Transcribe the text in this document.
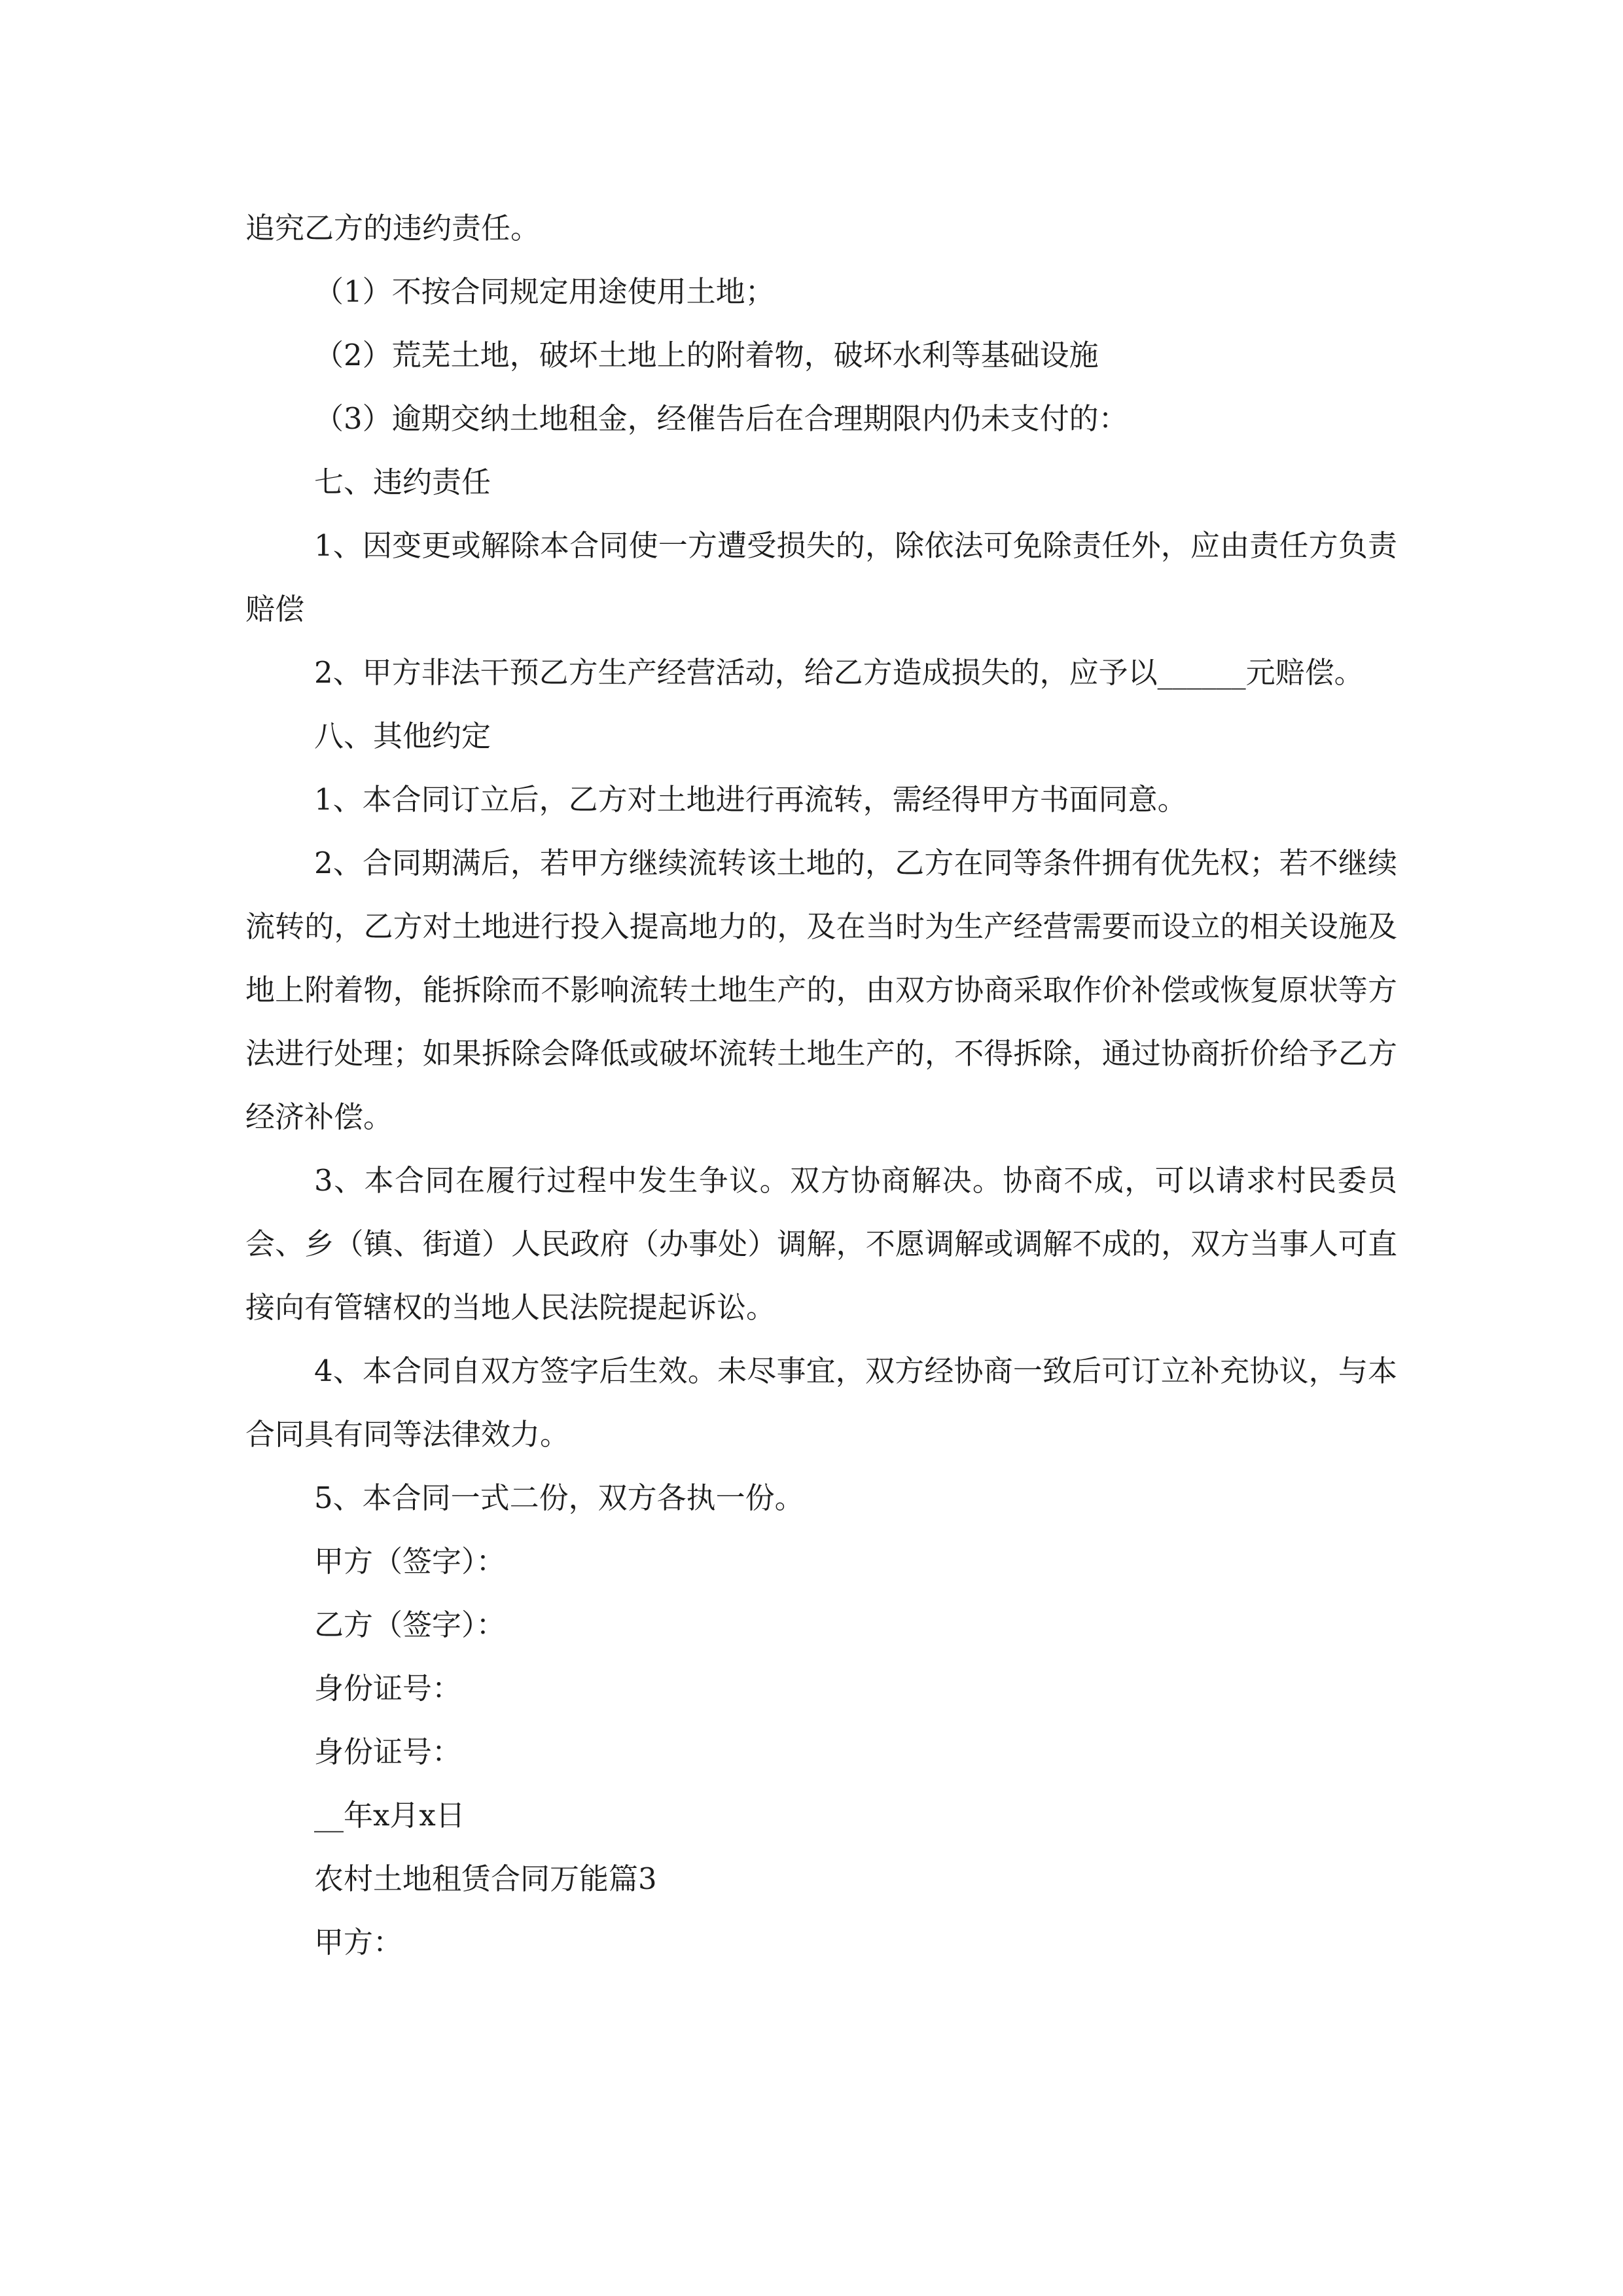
追究乙方的违约责任。

（1）不按合同规定用途使用土地；

（2）荒芜土地，破坏土地上的附着物，破坏水利等基础设施

（3）逾期交纳土地租金，经催告后在合理期限内仍未支付的：

七、违约责任

1、因变更或解除本合同使一方遭受损失的，除依法可免除责任外，应由责任方负责赔偿

2、甲方非法干预乙方生产经营活动，给乙方造成损失的，应予以______元赔偿。

八、其他约定

1、本合同订立后，乙方对土地进行再流转，需经得甲方书面同意。

2、合同期满后，若甲方继续流转该土地的，乙方在同等条件拥有优先权；若不继续流转的，乙方对土地进行投入提高地力的，及在当时为生产经营需要而设立的相关设施及地上附着物，能拆除而不影响流转土地生产的，由双方协商采取作价补偿或恢复原状等方法进行处理；如果拆除会降低或破坏流转土地生产的，不得拆除，通过协商折价给予乙方经济补偿。

3、本合同在履行过程中发生争议。双方协商解决。协商不成，可以请求村民委员会、乡（镇、街道）人民政府（办事处）调解，不愿调解或调解不成的，双方当事人可直接向有管辖权的当地人民法院提起诉讼。

4、本合同自双方签字后生效。未尽事宜，双方经协商一致后可订立补充协议，与本合同具有同等法律效力。

5、本合同一式二份，双方各执一份。

甲方（签字）：

乙方（签字）：

身份证号：

身份证号：

__年x月x日

农村土地租赁合同万能篇3

甲方：
